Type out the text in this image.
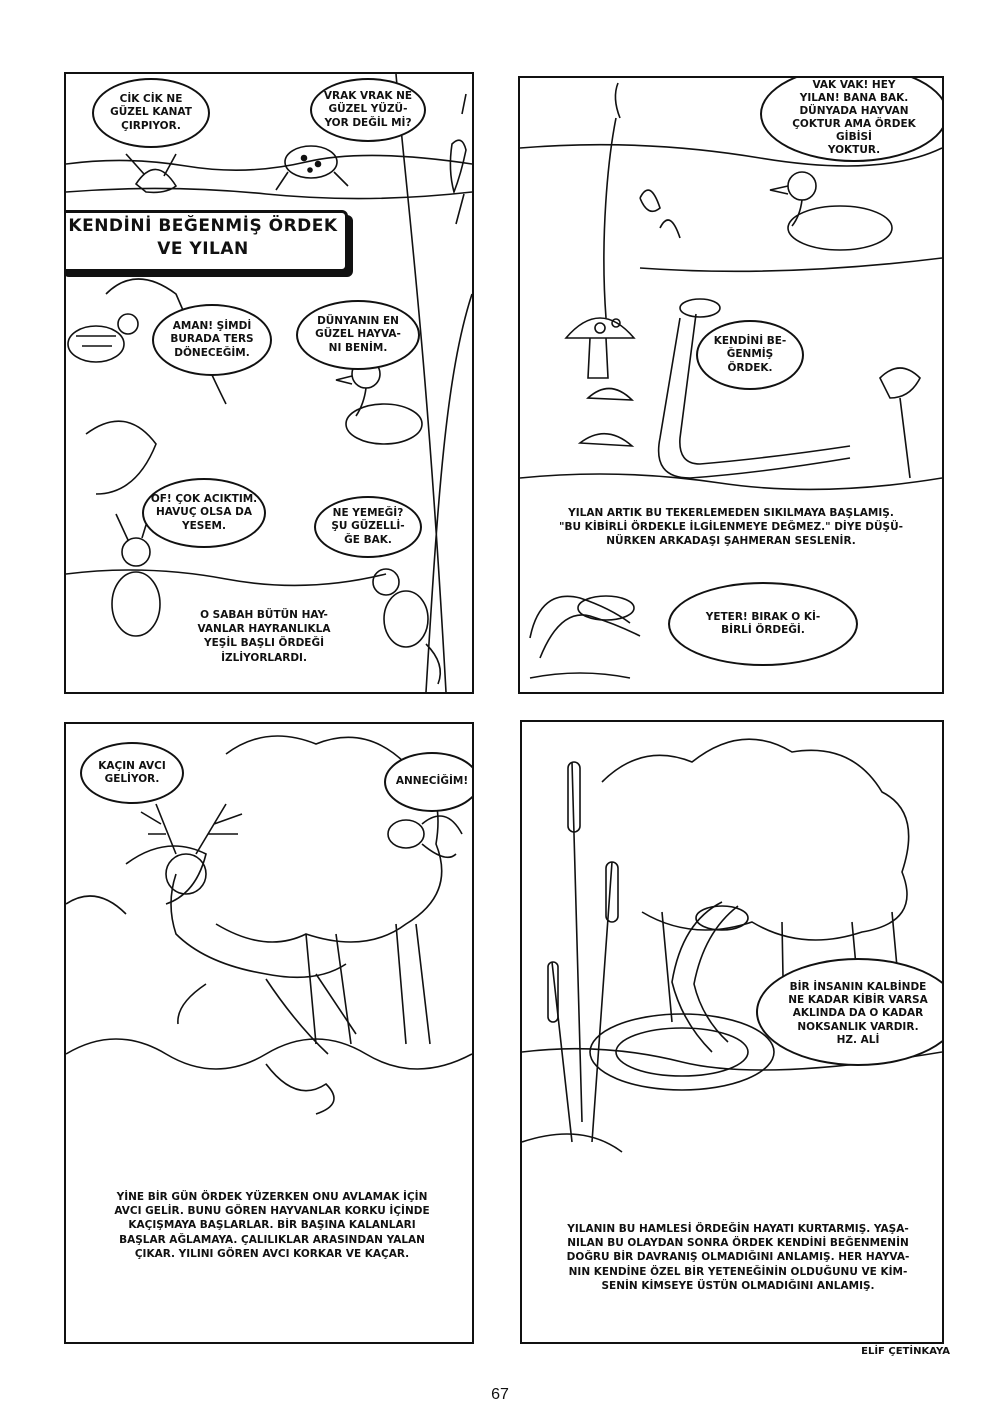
CİK CİK NE
GÜZEL KANAT
ÇIRPIYOR.
VRAK VRAK NE
GÜZEL YÜZÜ-
YOR DEĞİL Mİ?
KENDİNİ BEĞENMİŞ ÖRDEK
VE YILAN
AMAN! ŞİMDİ
BURADA TERS
DÖNECEĞİM.
DÜNYANIN EN
GÜZEL HAYVA-
NI BENİM.
OF! ÇOK ACIKTIM.
HAVUÇ OLSA DA
YESEM.
NE YEMEĞİ?
ŞU GÜZELLİ-
ĞE BAK.
O SABAH BÜTÜN HAY-
VANLAR HAYRANLIKLA
YEŞİL BAŞLI ÖRDEĞİ
İZLİYORLARDI.
VAK VAK! HEY
YILAN! BANA BAK.
DÜNYADA HAYVAN
ÇOKTUR AMA ÖRDEK
GİBİSİ
YOKTUR.
KENDİNİ BE-
ĞENMİŞ
ÖRDEK.
YETER! BIRAK O Kİ-
BİRLİ ÖRDEĞİ.
YILAN ARTIK BU TEKERLEMEDEN SIKILMAYA BAŞLAMIŞ.
"BU KİBİRLİ ÖRDEKLE İLGİLENMEYE DEĞMEZ." DİYE DÜŞÜ-
NÜRKEN ARKADAŞI ŞAHMERAN SESLENİR.
KAÇIN AVCI
GELİYOR.	ANNECİĞİM!
YİNE BİR GÜN ÖRDEK YÜZERKEN ONU AVLAMAK İÇİN
AVCI GELİR. BUNU GÖREN HAYVANLAR KORKU İÇİNDE
KAÇIŞMAYA BAŞLARLAR. BİR BAŞINA KALANLARI
BAŞLAR AĞLAMAYA. ÇALILIKLAR ARASINDAN YALAN
ÇIKAR. YILINI GÖREN AVCI KORKAR VE KAÇAR.
BİR İNSANIN KALBİNDE
NE KADAR KİBİR VARSA
AKLINDA DA O KADAR
NOKSANLIK VARDIR.
HZ. ALİ
YILANIN BU HAMLESİ ÖRDEĞİN HAYATI KURTARMIŞ. YAŞA-
NILAN BU OLAYDAN SONRA ÖRDEK KENDİNİ BEĞENMENİN
DOĞRU BİR DAVRANIŞ OLMADIĞINI ANLAMIŞ. HER HAYVA-
NIN KENDİNE ÖZEL BİR YETENEĞİNİN OLDUĞUNU VE KİM-
SENİN KİMSEYE ÜSTÜN OLMADIĞINI ANLAMIŞ.
ELİF ÇETİNKAYA
67
